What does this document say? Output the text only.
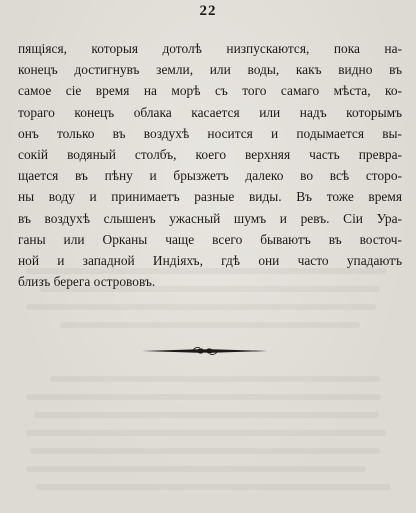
22
пящіяся, которыя дотолѣ низпускаются, пока на-
конецъ достигнувъ земли, или воды, какъ видно въ
самое сіе время на морѣ съ того самаго мѣста, ко-
тораго конецъ облака касается или надъ которымъ
онъ только въ воздухѣ носится и подымается вы-
сокій водяный столбъ, коего верхняя часть превра-
щается въ пѣну и брызжетъ далеко во всѣ сторо-
ны воду и принимаетъ разные виды. Въ тоже время
въ воздухѣ слышенъ ужасный шумъ и ревъ. Сіи Ура-
ганы или Орканы чаще всего бываютъ въ восточ-
ной и западной Индіяхъ, гдѣ они часто упадаютъ
близъ берега острововъ.
